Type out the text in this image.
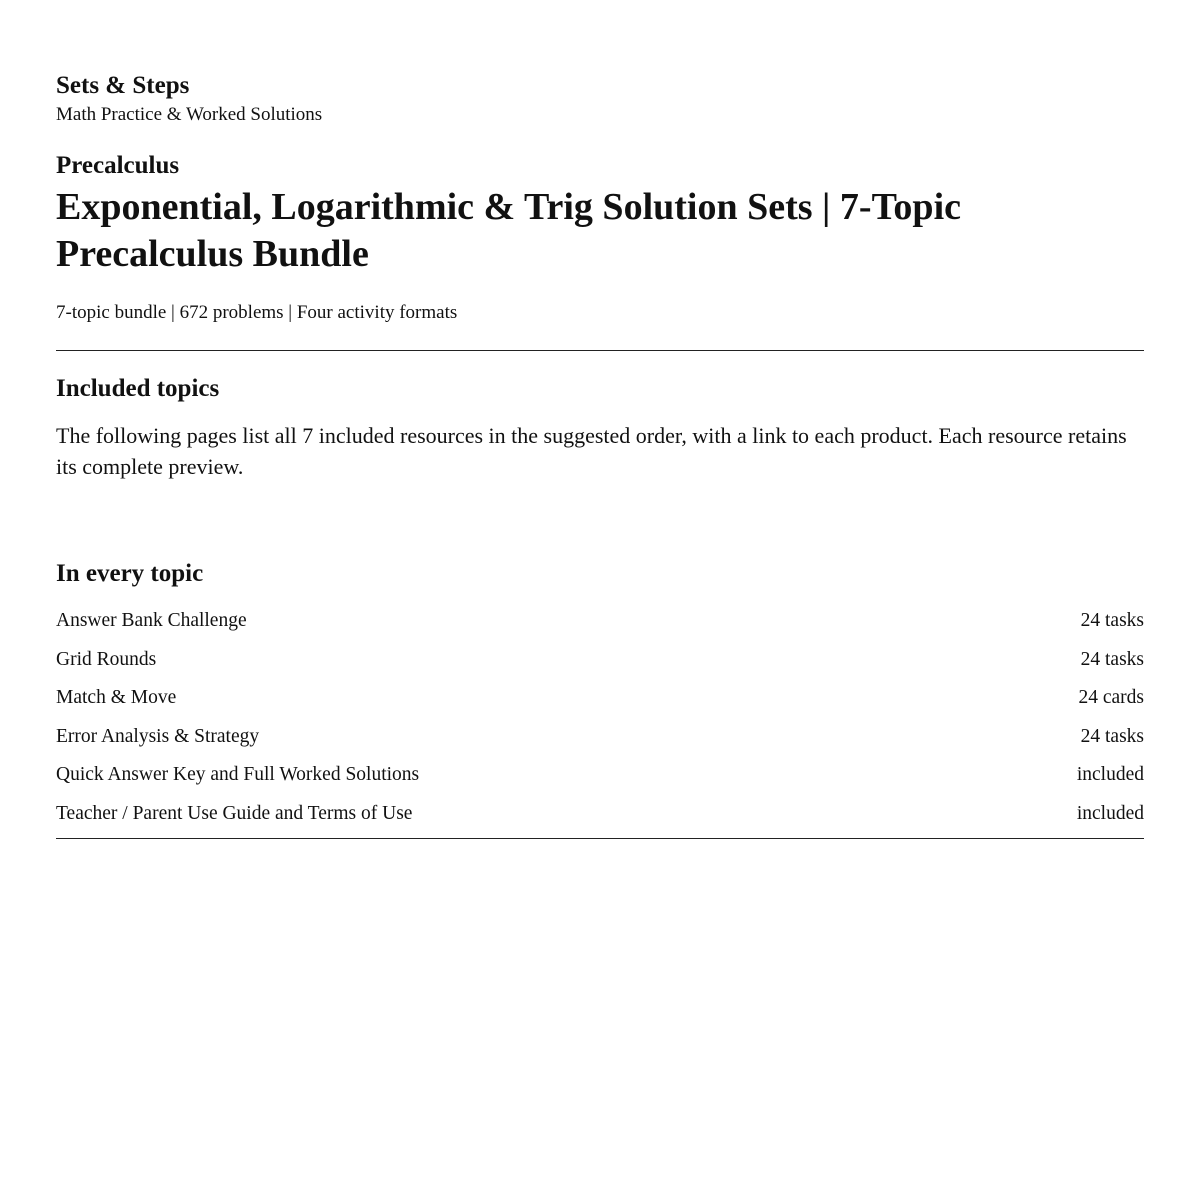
Sets & Steps

Math Practice & Worked Solutions

Precalculus

Exponential, Logarithmic & Trig Solution Sets | 7-Topic Precalculus Bundle

7-topic bundle | 672 problems | Four activity formats

Included topics

The following pages list all 7 included resources in the suggested order, with a link to each product. Each resource retains its complete preview.

In every topic
Answer Bank Challenge	24 tasks
Grid Rounds	24 tasks
Match & Move	24 cards
Error Analysis & Strategy	24 tasks
Quick Answer Key and Full Worked Solutions	included
Teacher / Parent Use Guide and Terms of Use	included
